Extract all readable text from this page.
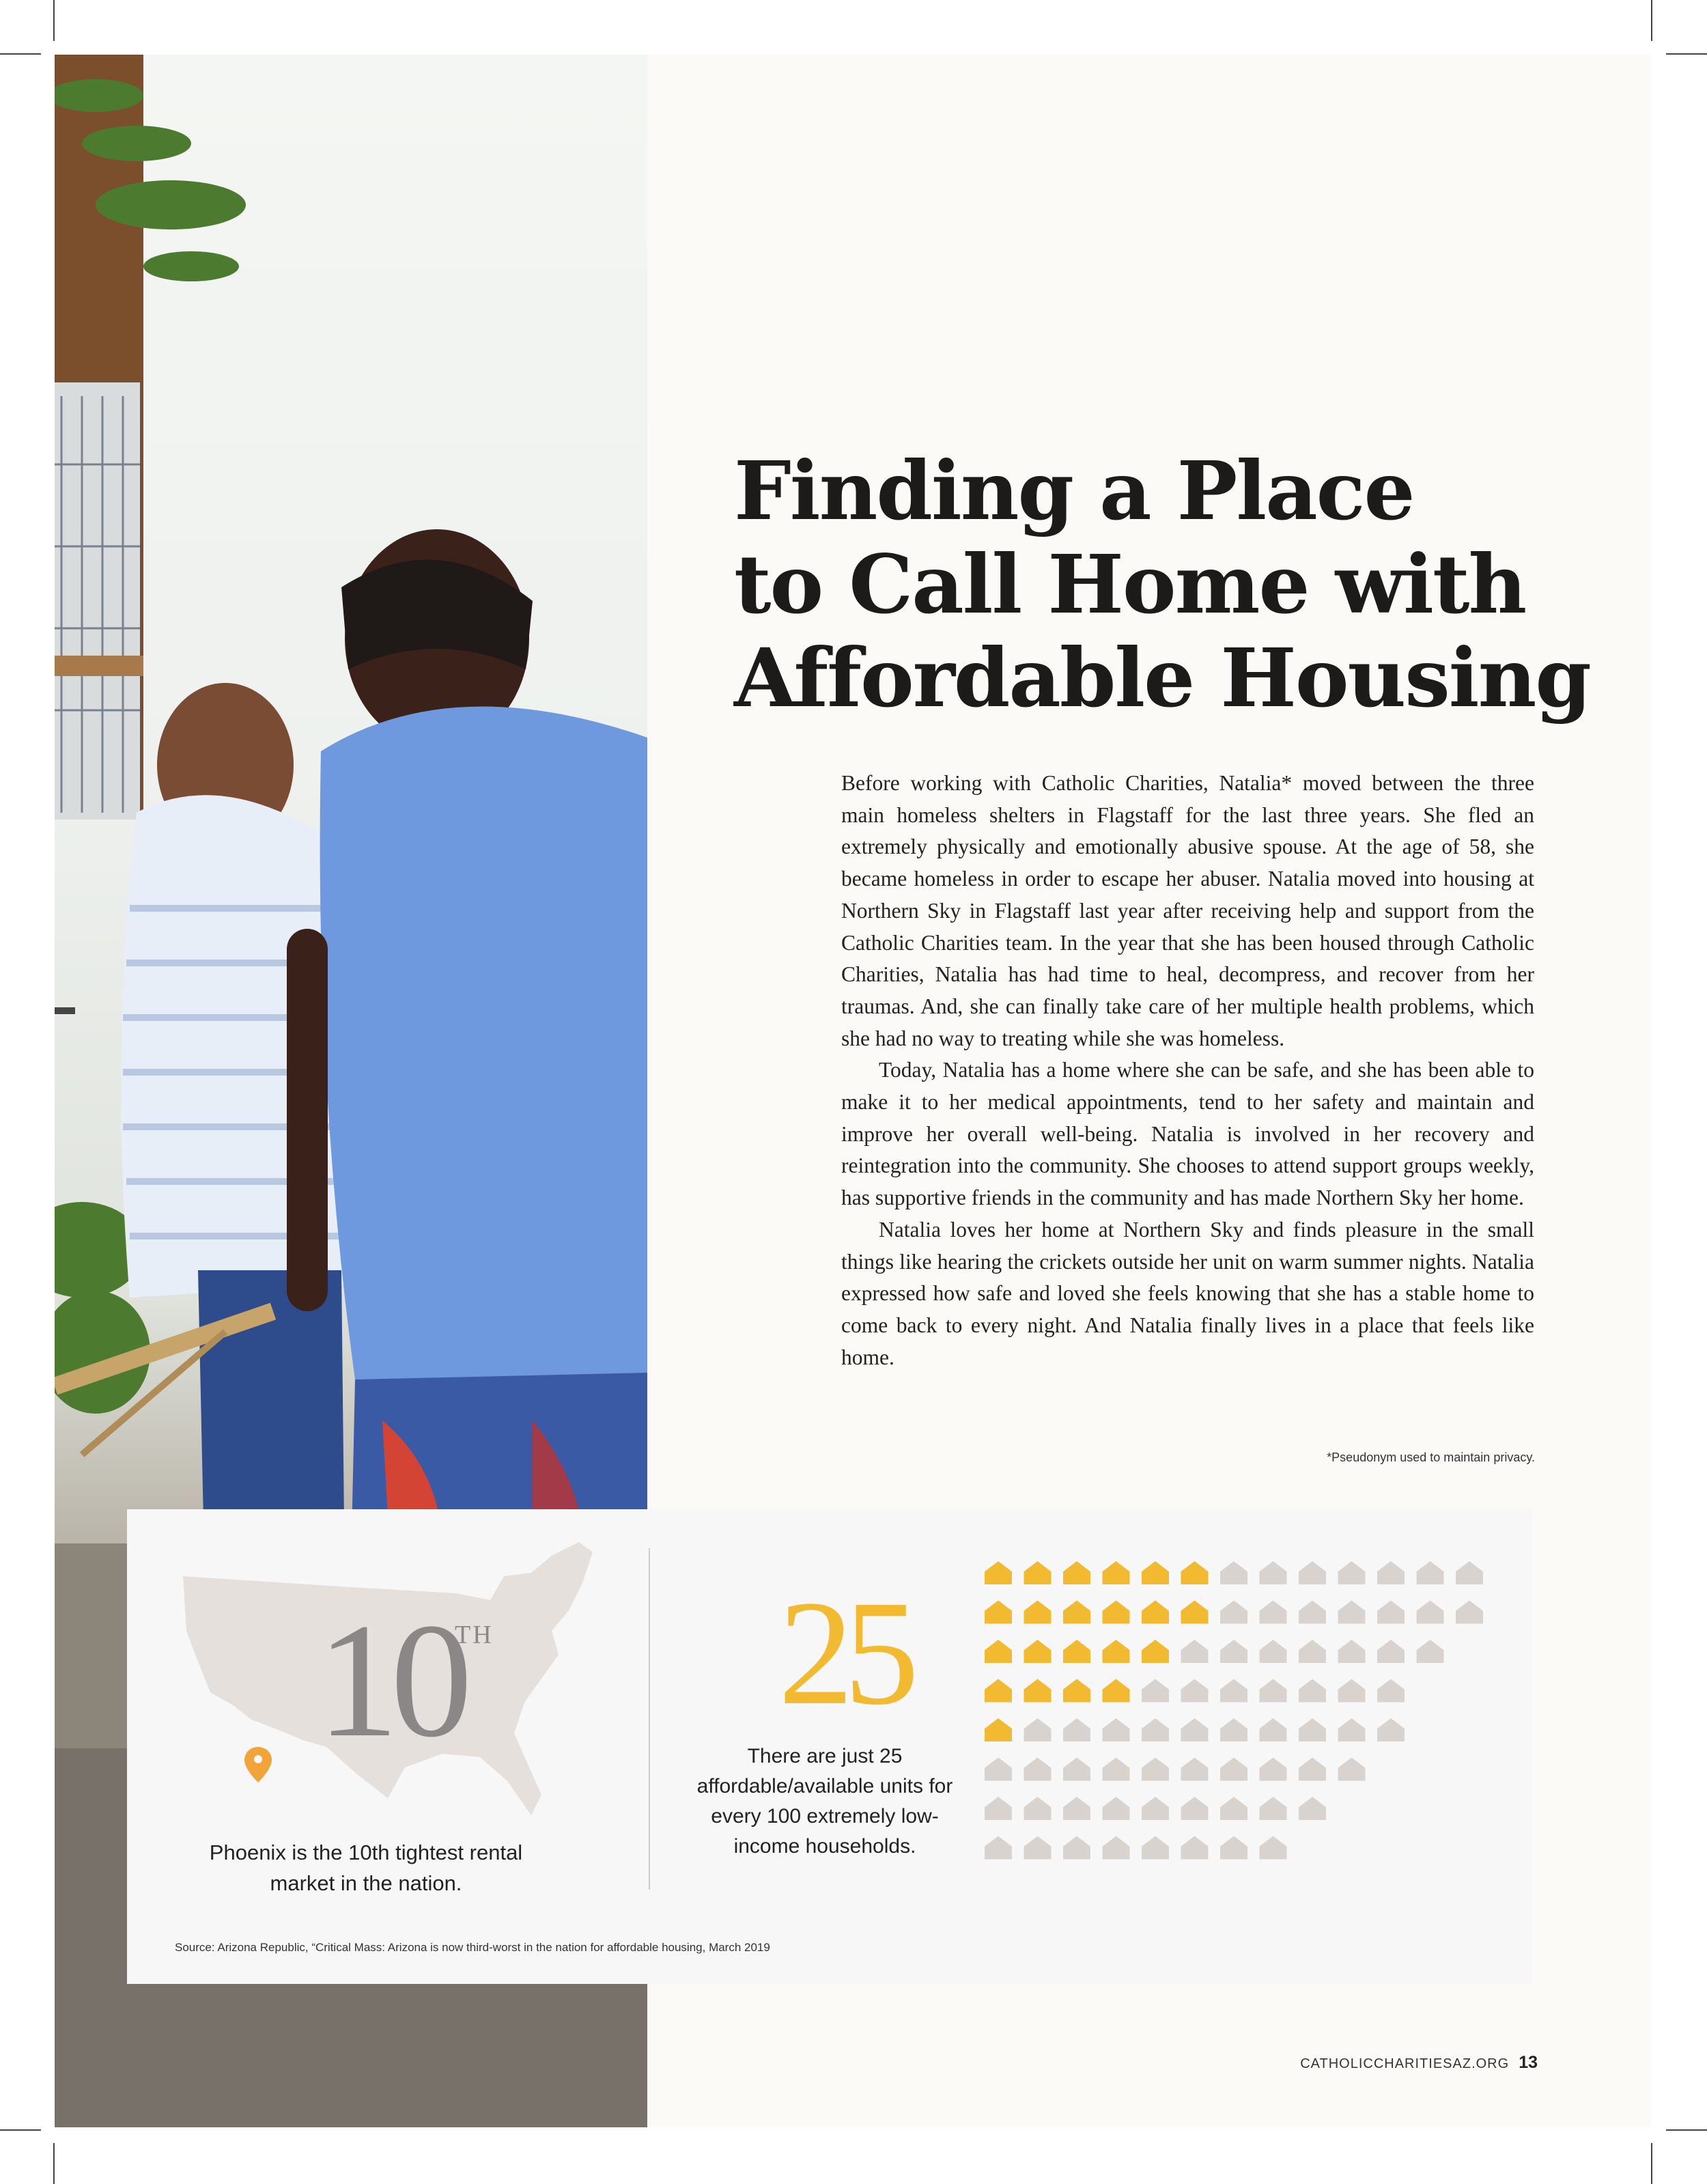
Finding a Place
to Call Home with
Affordable Housing

Before working with Catholic Charities, Natalia* moved between the three main homeless shelters in Flagstaff for the last three years. She fled an extremely physically and emotionally abusive spouse. At the age of 58, she became homeless in order to escape her abuser. Natalia moved into housing at Northern Sky in Flagstaff last year after receiving help and support from the Catholic Charities team. In the year that she has been housed through Catholic Charities, Natalia has had time to heal, decompress, and recover from her traumas. And, she can finally take care of her multiple health problems, which she had no way to treating while she was homeless.

Today, Natalia has a home where she can be safe, and she has been able to make it to her medical appointments, tend to her safety and maintain and improve her overall well-being. Natalia is involved in her recovery and reintegration into the community. She chooses to attend support groups weekly, has supportive friends in the community and has made Northern Sky her home.

Natalia loves her home at Northern Sky and finds pleasure in the small things like hearing the crickets outside her unit on warm summer nights. Natalia expressed how safe and loved she feels knowing that she has a stable home to come back to every night. And Natalia finally lives in a place that feels like home.

*Pseudonym used to maintain privacy.
10
TH
Phoenix is the 10th tightest rental market in the nation.
25
There are just 25 affordable/available units for every 100 extremely low-income households.
Source: Arizona Republic, “Critical Mass: Arizona is now third-worst in the nation for affordable housing, March 2019
CATHOLICCHARITIESAZ.ORG 13
